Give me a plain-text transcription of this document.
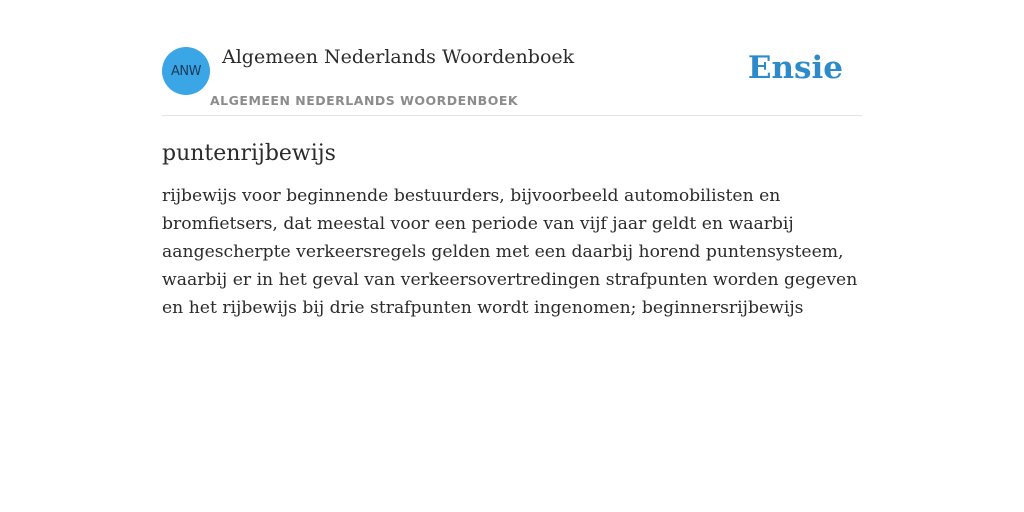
ANW
Algemeen Nederlands Woordenboek
ALGEMEEN NEDERLANDS WOORDENBOEK
Ensie
puntenrijbewijs
rijbewijs voor beginnende bestuurders, bijvoorbeeld automobilisten en bromfietsers, dat meestal voor een periode van vijf jaar geldt en waarbij aangescherpte verkeersregels gelden met een daarbij horend puntensysteem, waarbij er in het geval van verkeersovertredingen strafpunten worden gegeven en het rijbewijs bij drie strafpunten wordt ingenomen; beginnersrijbewijs
